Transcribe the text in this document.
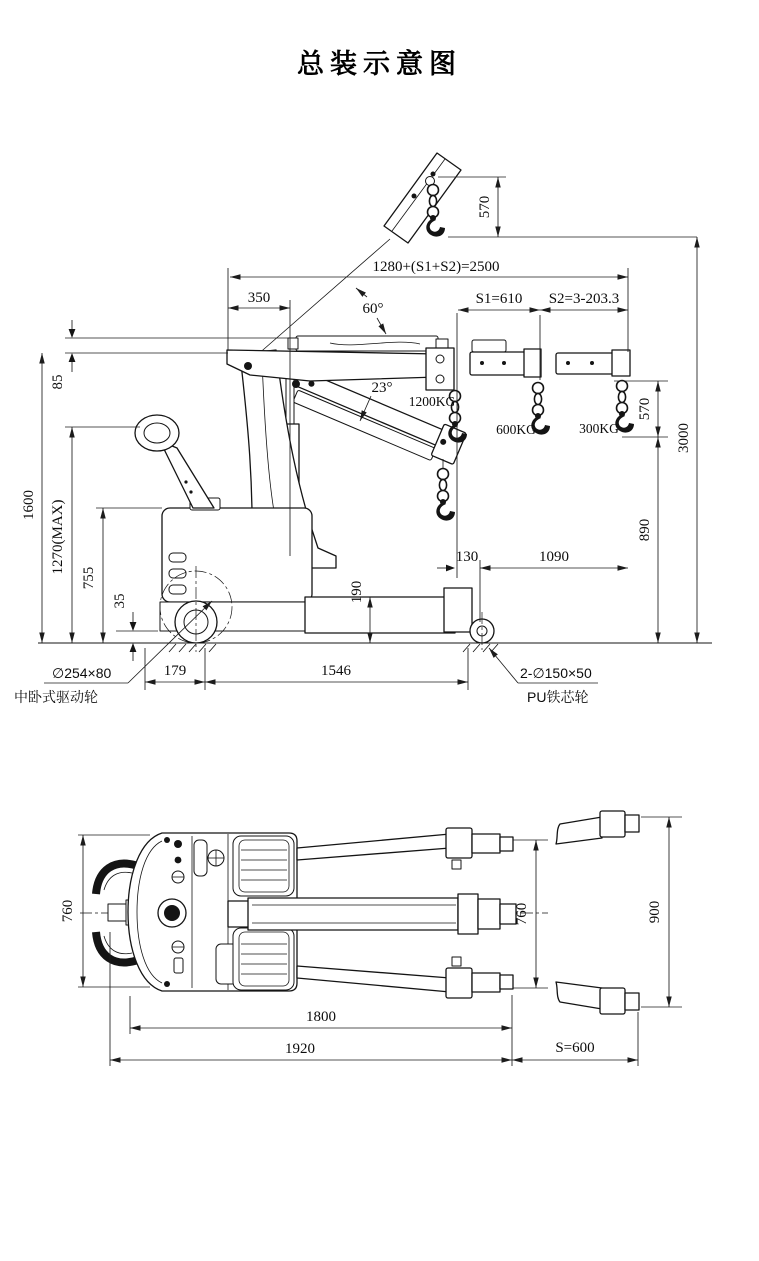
总装示意图
570
1280+(S1+S2)=2500
350	S1=610 S2=3-203.3
60°
23°
1200KG
600KG	300KG
570
890
3000
85
1600 1270(MAX)
755
35	190
130	1090
179	1546
∅254×80
中卧式驱动轮
2-∅150×50
PU铁芯轮
760	760	900
1800
1920	S=600
